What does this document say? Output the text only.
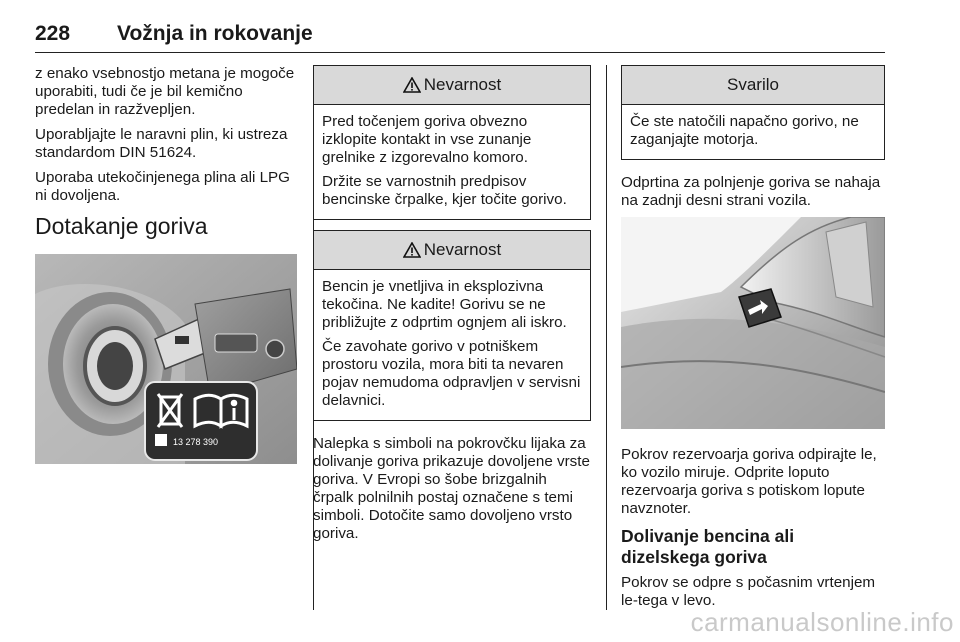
228 Vožnja in rokovanje

z enako vsebnostjo metana je mogoče uporabiti, tudi če je bil kemično predelan in razžvepljen.

Uporabljajte le naravni plin, ki ustreza standardom DIN 51624.

Uporaba utekočinjenega plina ali LPG ni dovoljena.

Dotakanje goriva
13 278 390
Nevarnost

Pred točenjem goriva obvezno izklopite kontakt in vse zunanje grelnike z izgorevalno komoro.

Držite se varnostnih predpisov bencinske črpalke, kjer točite gorivo.

Nevarnost

Bencin je vnetljiva in eksplozivna tekočina. Ne kadite! Gorivu se ne približujte z odprtim ognjem ali iskro.

Če zavohate gorivo v potniškem prostoru vozila, mora biti ta nevaren pojav nemudoma odpravljen v servisni delavnici.

Nalepka s simboli na pokrovčku lijaka za dolivanje goriva prikazuje dovoljene vrste goriva. V Evropi so šobe brizgalnih črpalk polnilnih postaj označene s temi simboli. Dotočite samo dovoljeno vrsto goriva.

Svarilo

Če ste natočili napačno gorivo, ne zaganjajte motorja.

Odprtina za polnjenje goriva se nahaja na zadnji desni strani vozila.

Pokrov rezervoarja goriva odpirajte le, ko vozilo miruje. Odprite loputo rezervoarja goriva s potiskom lopute navznoter.

Dolivanje bencina ali dizelskega goriva

Pokrov se odpre s počasnim vrtenjem le-tega v levo.

carmanualsonline.info
